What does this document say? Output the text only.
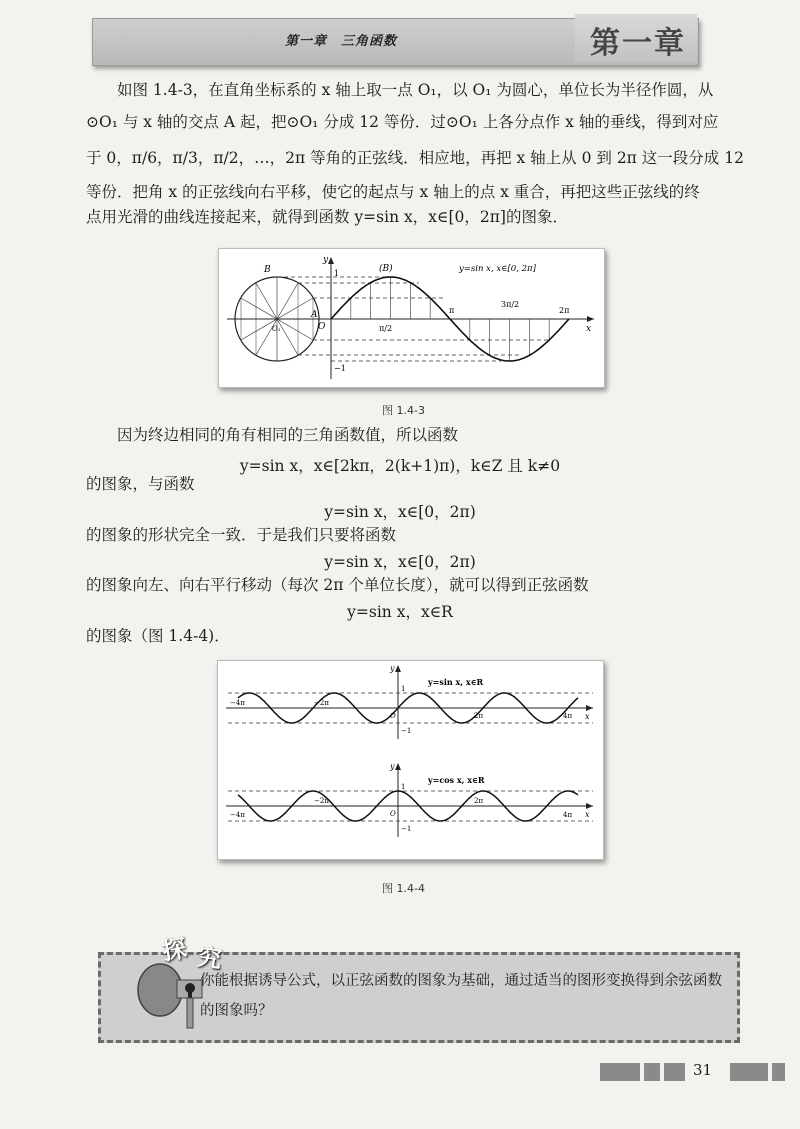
第一章　三角函数	第一章
如图 1.4-3，在直角坐标系的 x 轴上取一点 O₁，以 O₁ 为圆心，单位长为半径作圆，从
⊙O₁ 与 x 轴的交点 A 起，把⊙O₁ 分成 12 等份．过⊙O₁ 上各分点作 x 轴的垂线，得到对应
于 0，π/6，π/3，π/2，…，2π 等角的正弦线．相应地，再把 x 轴上从 0 到 2π 这一段分成 12
等份．把角 x 的正弦线向右平移，使它的起点与 x 轴上的点 x 重合，再把这些正弦线的终
点用光滑的曲线连接起来，就得到函数 y=sin x，x∈[0，2π]的图象．
y
x
1
−1
O
B	(B)
A
O₁
π
3π/2
2π
π/2
y=sin x, x∈[0, 2π]
图 1.4-3
因为终边相同的角有相同的三角函数值，所以函数
y=sin x，x∈[2kπ，2(k+1)π)，k∈Z 且 k≠0
的图象，与函数
y=sin x，x∈[0，2π)
的图象的形状完全一致．于是我们只要将函数
y=sin x，x∈[0，2π)
的图象向左、向右平行移动（每次 2π 个单位长度），就可以得到正弦函数
y=sin x，x∈R
的图象（图 1.4-4)．
y
x
1
−1
O
−4π	−2π
2π	4π
y=sin x, x∈R
y
x
1
−1
O
−4π
−2π	2π
4π
y=cos x, x∈R
图 1.4-4
探 究
你能根据诱导公式，以正弦函数的图象为基础，通过适当的图形变换得到余弦函数的图象吗？
31
